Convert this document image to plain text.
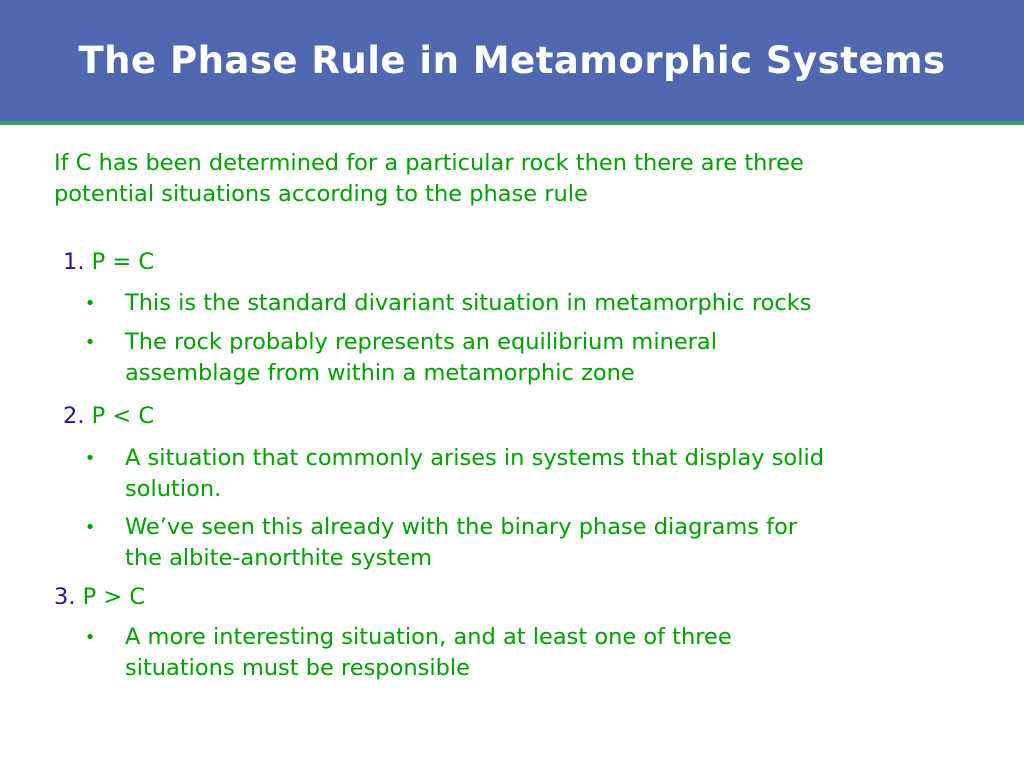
The Phase Rule in Metamorphic Systems
If C has been determined for a particular rock then there are three
potential situations according to the phase rule
1. P = C
• This is the standard divariant situation in metamorphic rocks
• The rock probably represents an equilibrium mineral
assemblage from within a metamorphic zone
2. P < C
• A situation that commonly arises in systems that display solid
solution.
• We’ve seen this already with the binary phase diagrams for
the albite-anorthite system
3. P > C
• A more interesting situation, and at least one of three
situations must be responsible
